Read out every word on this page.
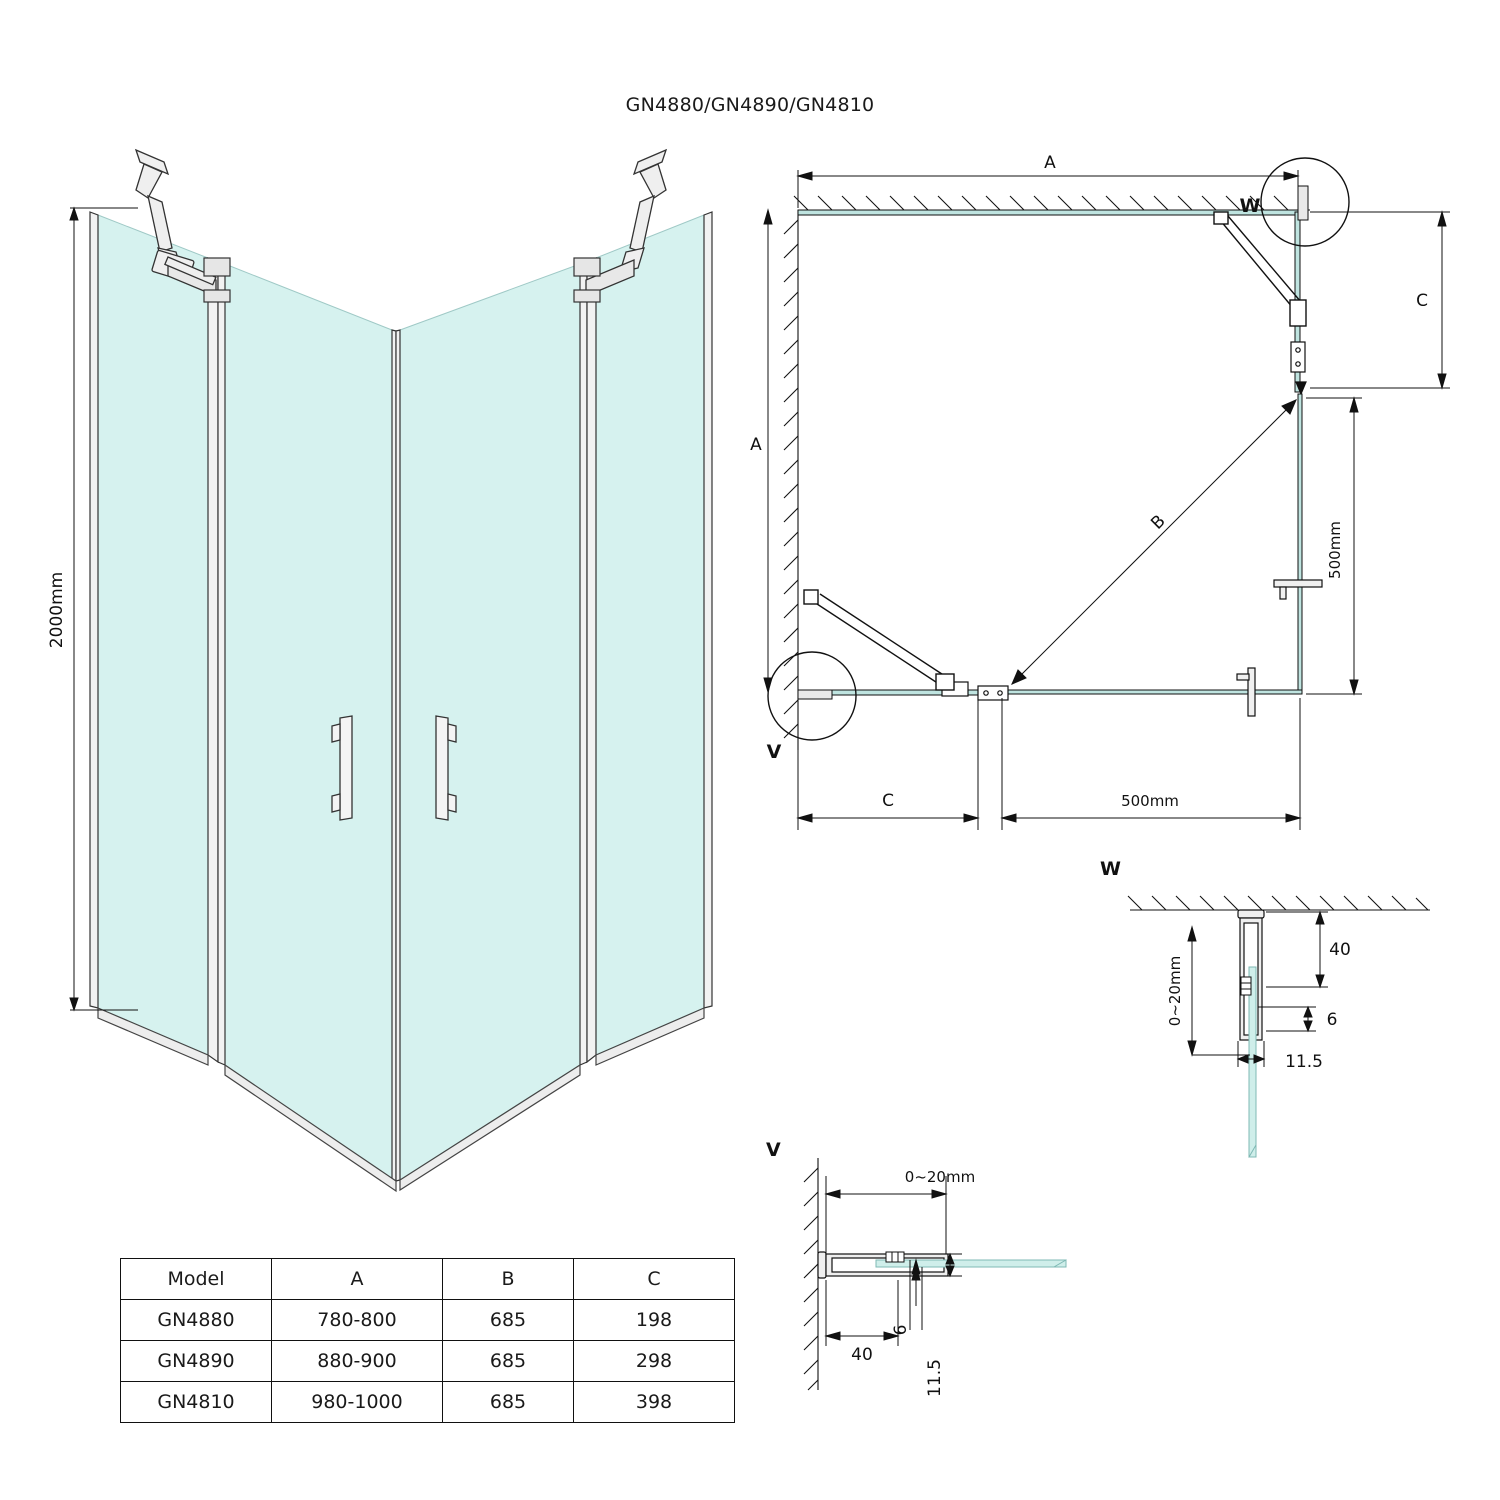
GN4880/GN4890/GN4810
2000mm
B
A
A
C
500mm
500mm
C
W
V
40
6
11.5
0~20mm
W
0~20mm
40
6
11.5
V
Model	A	B	C
GN4880	780-800	685	198
GN4890	880-900	685	298
GN4810	980-1000	685	398
